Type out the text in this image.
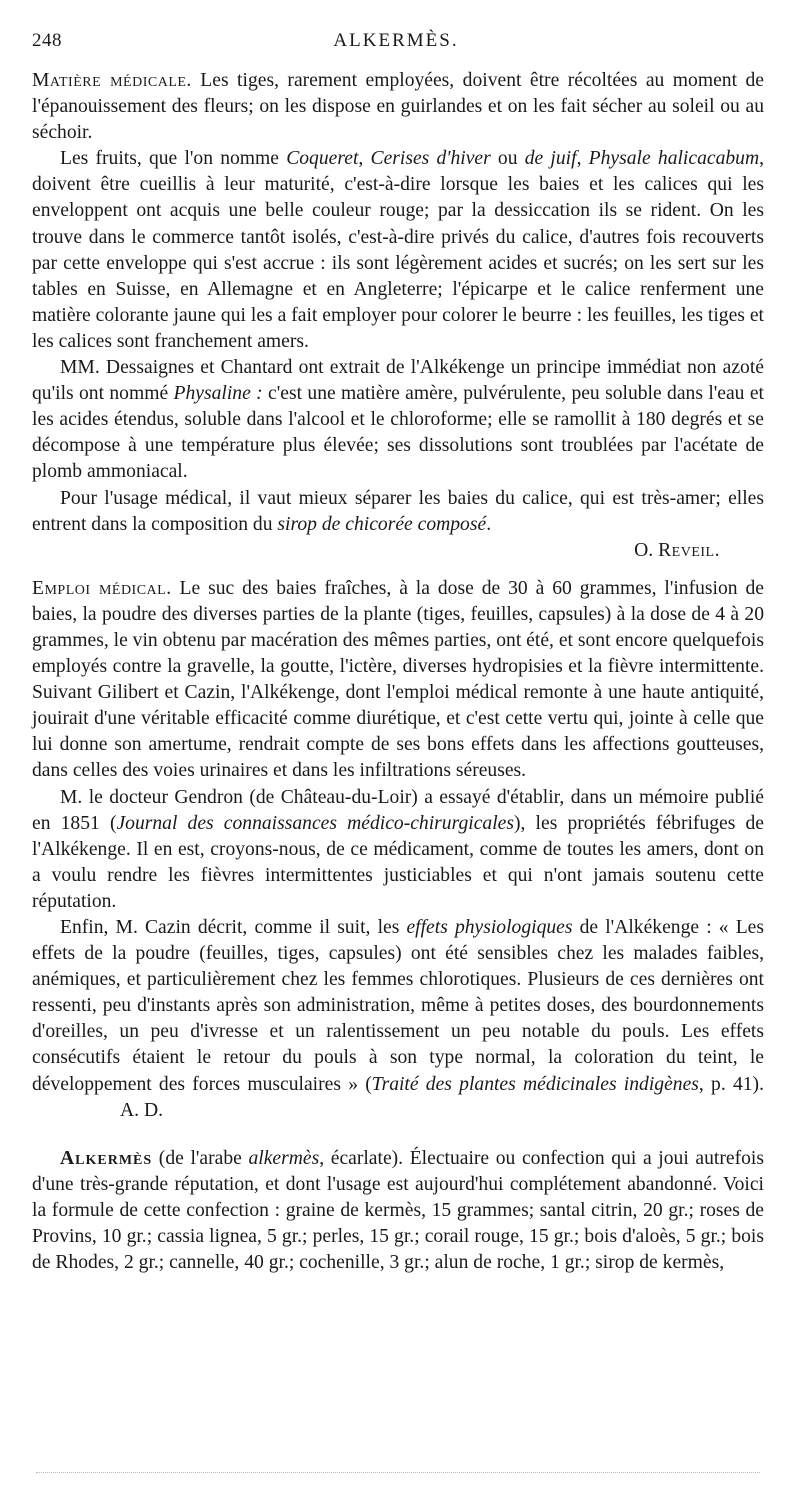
248	ALKERMÈS.

Matière médicale. Les tiges, rarement employées, doivent être récoltées au moment de l'épanouissement des fleurs; on les dispose en guirlandes et on les fait sécher au soleil ou au séchoir.

Les fruits, que l'on nomme Coqueret, Cerises d'hiver ou de juif, Physale halicacabum, doivent être cueillis à leur maturité, c'est-à-dire lorsque les baies et les calices qui les enveloppent ont acquis une belle couleur rouge; par la dessiccation ils se rident. On les trouve dans le commerce tantôt isolés, c'est-à-dire privés du calice, d'autres fois recouverts par cette enveloppe qui s'est accrue : ils sont légèrement acides et sucrés; on les sert sur les tables en Suisse, en Allemagne et en Angleterre; l'épicarpe et le calice renferment une matière colorante jaune qui les a fait employer pour colorer le beurre : les feuilles, les tiges et les calices sont franchement amers.

MM. Dessaignes et Chantard ont extrait de l'Alkékenge un principe immédiat non azoté qu'ils ont nommé Physaline : c'est une matière amère, pulvérulente, peu soluble dans l'eau et les acides étendus, soluble dans l'alcool et le chloroforme; elle se ramollit à 180 degrés et se décompose à une température plus élevée; ses dissolutions sont troublées par l'acétate de plomb ammoniacal.

Pour l'usage médical, il vaut mieux séparer les baies du calice, qui est très-amer; elles entrent dans la composition du sirop de chicorée composé.

O. Reveil.

Emploi médical. Le suc des baies fraîches, à la dose de 30 à 60 grammes, l'infusion de baies, la poudre des diverses parties de la plante (tiges, feuilles, capsules) à la dose de 4 à 20 grammes, le vin obtenu par macération des mêmes parties, ont été, et sont encore quelquefois employés contre la gravelle, la goutte, l'ictère, diverses hydropisies et la fièvre intermittente. Suivant Gilibert et Cazin, l'Alkékenge, dont l'emploi médical remonte à une haute antiquité, jouirait d'une véritable efficacité comme diurétique, et c'est cette vertu qui, jointe à celle que lui donne son amertume, rendrait compte de ses bons effets dans les affections goutteuses, dans celles des voies urinaires et dans les infiltrations séreuses.

M. le docteur Gendron (de Château-du-Loir) a essayé d'établir, dans un mémoire publié en 1851 (Journal des connaissances médico-chirurgicales), les propriétés fébrifuges de l'Alkékenge. Il en est, croyons-nous, de ce médicament, comme de toutes les amers, dont on a voulu rendre les fièvres intermittentes justiciables et qui n'ont jamais soutenu cette réputation.

Enfin, M. Cazin décrit, comme il suit, les effets physiologiques de l'Alkékenge : « Les effets de la poudre (feuilles, tiges, capsules) ont été sensibles chez les malades faibles, anémiques, et particulièrement chez les femmes chlorotiques. Plusieurs de ces dernières ont ressenti, peu d'instants après son administration, même à petites doses, des bourdonnements d'oreilles, un peu d'ivresse et un ralentissement un peu notable du pouls. Les effets consécutifs étaient le retour du pouls à son type normal, la coloration du teint, le développement des forces musculaires » (Traité des plantes médicinales indigènes, p. 41).A. D.

Alkermès (de l'arabe alkermès, écarlate). Électuaire ou confection qui a joui autrefois d'une très-grande réputation, et dont l'usage est aujourd'hui complétement abandonné. Voici la formule de cette confection : graine de kermès, 15 grammes; santal citrin, 20 gr.; roses de Provins, 10 gr.; cassia lignea, 5 gr.; perles, 15 gr.; corail rouge, 15 gr.; bois d'aloès, 5 gr.; bois de Rhodes, 2 gr.; cannelle, 40 gr.; cochenille, 3 gr.; alun de roche, 1 gr.; sirop de kermès,
